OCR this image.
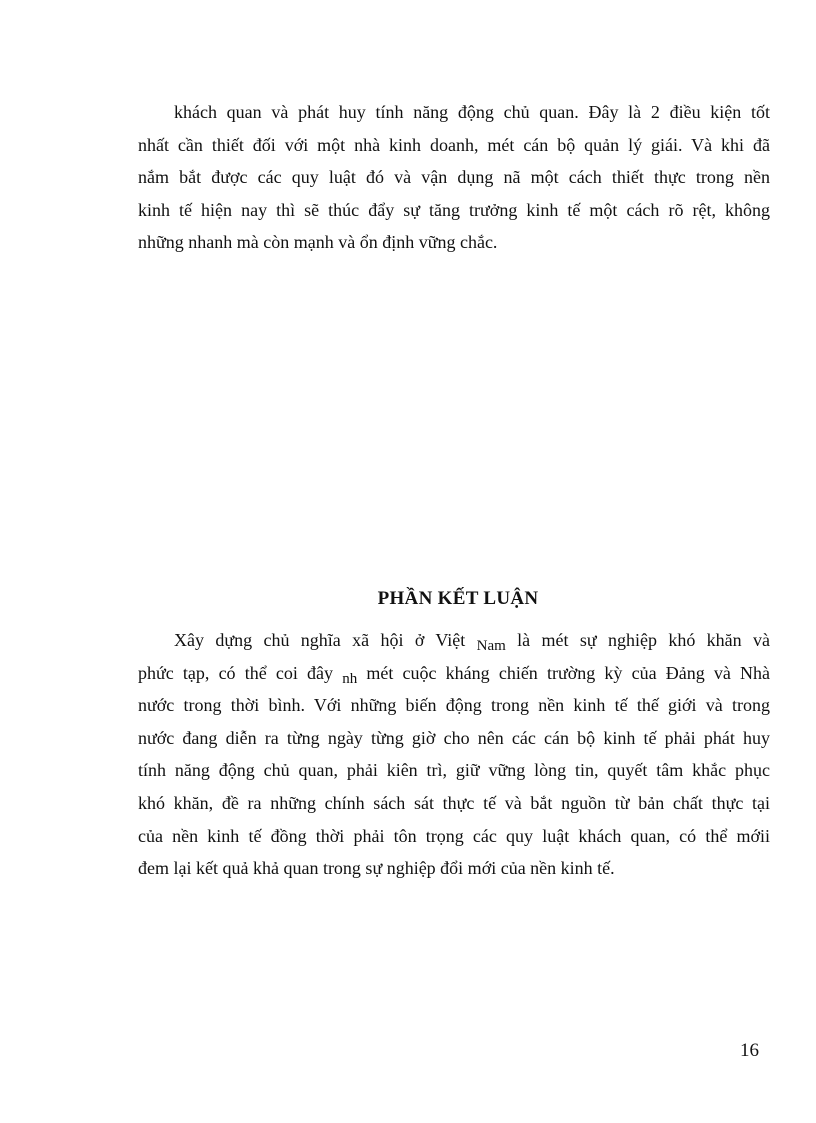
khách quan và phát huy tính năng động chủ quan. Đây là 2 điều kiện tốt
nhất cần thiết đối với một nhà kinh doanh, mét cán bộ quản lý giái. Và khi đã
nắm bắt được các quy luật đó và vận dụng nã một cách thiết thực trong nền
kinh tế hiện nay thì sẽ thúc đẩy sự tăng trưởng kinh tế một cách rõ rệt, không
những nhanh mà còn mạnh và ổn định vững chắc.
PHẦN KẾT LUẬN
Xây dựng chủ nghĩa xã hội ở Việt $_{Nam}$ là mét sự nghiệp khó khăn và
phức tạp, có thể coi đây $_{nh}$ mét cuộc kháng chiến trường kỳ của Đảng và Nhà
nước trong thời bình. Với những biến động trong nền kinh tế thế giới và trong
nước đang diễn ra từng ngày từng giờ cho nên các cán bộ kinh tế phải phát huy
tính năng động chủ quan, phải kiên trì, giữ vững lòng tin, quyết tâm khắc phục
khó khăn, đề ra những chính sách sát thực tế và bắt nguồn từ bản chất thực tại
của nền kinh tế đồng thời phải tôn trọng các quy luật khách quan, có thể mớii
đem lại kết quả khả quan trong sự nghiệp đổi mới của nền kinh tế.
16
